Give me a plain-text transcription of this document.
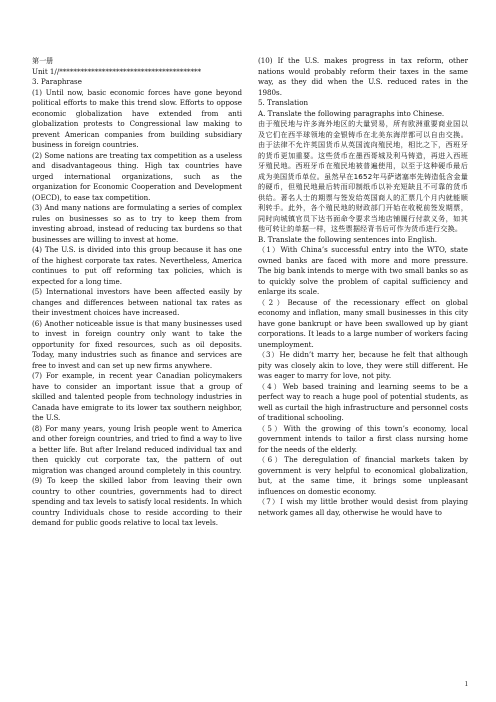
第一册

Unit 1//****************************************

3. Paraphrase

(1) Until now, basic economic forces have gone beyond political efforts to make this trend slow. Efforts to oppose economic globalization have extended from anti globalization protests to Congressional law making to prevent American companies from building subsidiary business in foreign countries.

(2) Some nations are treating tax competition as a useless and disadvantageous thing. High tax countries have urged international organizations, such as the organization for Economic Cooperation and Development (OECD), to ease tax competition.

(3) And many nations are formulating a series of complex rules on businesses so as to try to keep them from investing abroad, instead of reducing tax burdens so that businesses are willing to invest at home.

(4) The U.S. is divided into this group because it has one of the highest corporate tax rates. Nevertheless, America continues to put off reforming tax policies, which is expected for a long time.

(5) International investors have been affected easily by changes and differences between national tax rates as their investment choices have increased.

(6) Another noticeable issue is that many businesses used to invest in foreign country only want to take the opportunity for fixed resources, such as oil deposits. Today, many industries such as finance and services are free to invest and can set up new firms anywhere.

(7) For example, in recent year Canadian policymakers have to consider an important issue that a group of skilled and talented people from technology industries in Canada have emigrate to its lower tax southern neighbor, the U.S.

(8) For many years, young Irish people went to America and other foreign countries, and tried to find a way to live a better life. But after Ireland reduced individual tax and then quickly cut corporate tax, the pattern of out migration was changed around completely in this country.

(9) To keep the skilled labor from leaving their own country to other countries, governments had to direct spending and tax levels to satisfy local residents. In which country Individuals chose to reside according to their demand for public goods relative to local tax levels.

(10) If the U.S. makes progress in tax reform, other nations would probably reform their taxes in the same way, as they did when the U.S. reduced rates in the 1980s.

5. Translation

A. Translate the following paragraphs into Chinese.

由于殖民地与许多海外地区的大量贸易，所有欧洲重要商业国以及它们在西半球领地的金银铸币在北美东海岸都可以自由交换。由于法律不允许英国货币从英国流向殖民地，相比之下，西班牙的货币更加重要。这些货币在墨西哥城及利马铸造，再进入西班牙殖民地。西班牙币在殖民地被普遍使用，以至于这种硬币最后成为美国货币单位。虽然早在1652年马萨诸塞率先铸造低含金量的硬币，但殖民地最后转而印制纸币以补充短缺且不可靠的货币供给。著名人士的期票与签发给英国商人的汇票几个月内就能顺利转手。此外，各个殖民地的财政部门开始在收税前签发期票，同时向城镇官员下达书面命令要求当地店铺履行付款义务，如其他可转让的单据一样，这些票据经背书后可作为货币进行交换。

B. Translate the following sentences into English.

（1）With China’s successful entry into the WTO, state owned banks are faced with more and more pressure. The big bank intends to merge with two small banks so as to quickly solve the problem of capital sufficiency and enlarge its scale.

（2）Because of the recessionary effect on global economy and inflation, many small businesses in this city have gone bankrupt or have been swallowed up by giant corporations. It leads to a large number of workers facing unemployment.

（3）He didn’t marry her, because he felt that although pity was closely akin to love, they were still different. He was eager to marry for love, not pity.

（4）Web based training and learning seems to be a perfect way to reach a huge pool of potential students, as well as curtail the high infrastructure and personnel costs of traditional schooling.

（5）With the growing of this town’s economy, local government intends to tailor a first class nursing home for the needs of the elderly.

（6）The deregulation of financial markets taken by government is very helpful to economical globalization, but, at the same time, it brings some unpleasant influences on domestic economy.

（7）I wish my little brother would desist from playing network games all day, otherwise he would have to

1
